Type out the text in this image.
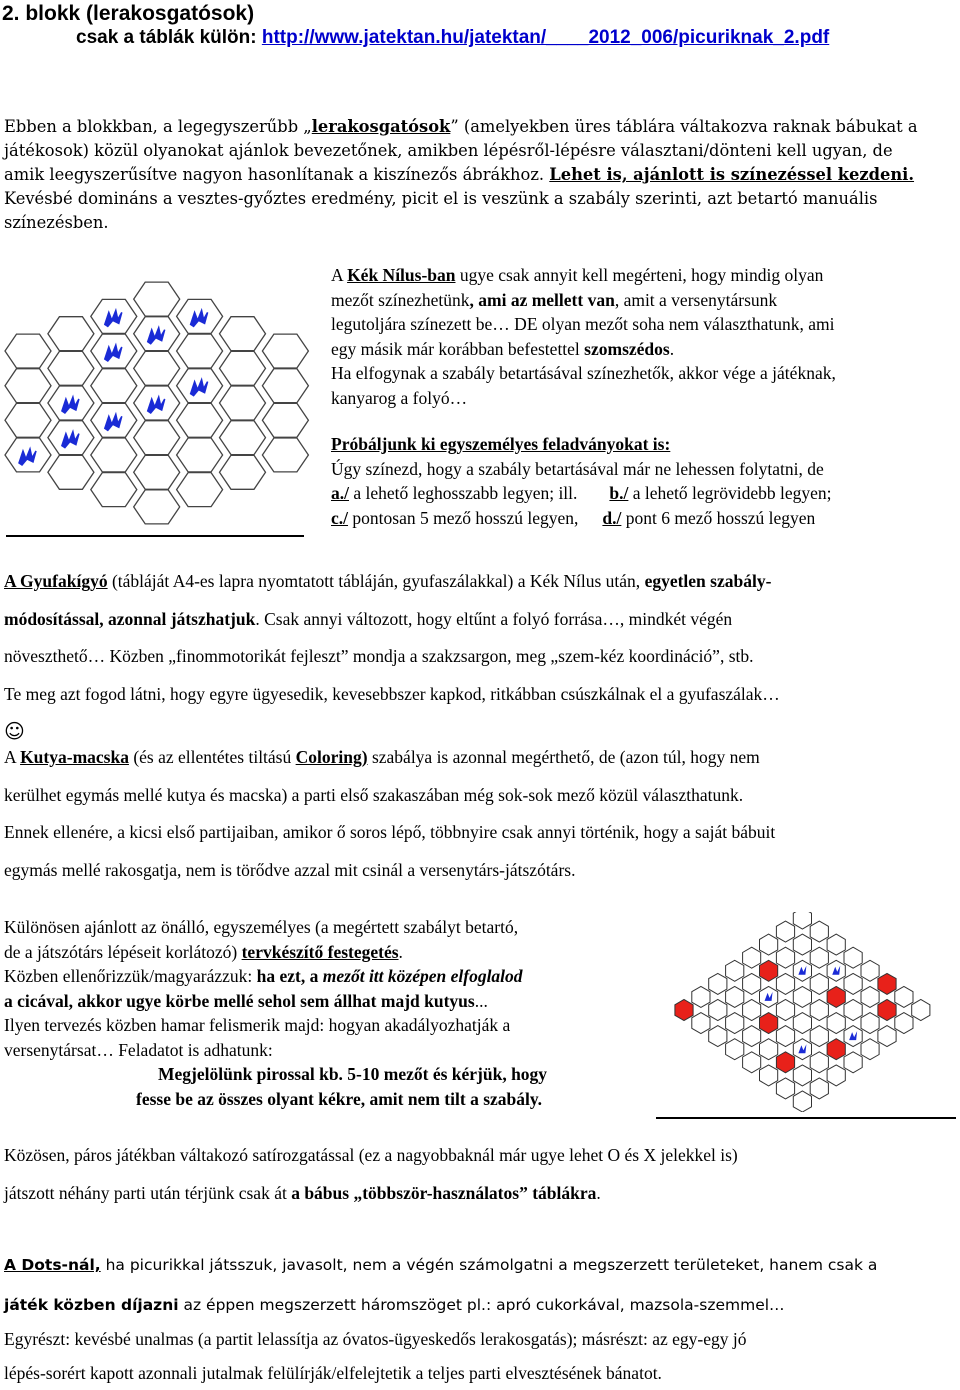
2. blokk (lerakosgatósok)
csak a táblák külön: http://www.jatektan.hu/jatektan/____2012_006/picuriknak_2.pdf

Ebben a blokkban, a legegyszerűbb „lerakosgatósok” (amelyekben üres táblára váltakozva raknak bábukat a

játékosok) közül olyanokat ajánlok bevezetőnek, amikben lépésről-lépésre választani/dönteni kell ugyan, de

amik leegyszerűsítve nagyon hasonlítanak a kiszínezős ábrákhoz. Lehet is, ajánlott is színezéssel kezdeni.

Kevésbé domináns a vesztes-győztes eredmény, picit el is veszünk a szabály szerinti, azt betartó manuális

színezésben.

A Kék Nílus-ban ugye csak annyit kell megérteni, hogy mindig olyan

mezőt színezhetünk, ami az mellett van, amit a versenytársunk

legutoljára színezett be… DE olyan mezőt soha nem választhatunk, ami

egy másik már korábban befestettel szomszédos.

Ha elfogynak a szabály betartásával színezhetők, akkor vége a játéknak,

kanyarog a folyó…

Próbáljunk ki egyszemélyes feladványokat is:

Úgy színezd, hogy a szabály betartásával már ne lehessen folytatni, de

a./ a lehető leghosszabb legyen; ill. b./ a lehető legrövidebb legyen;

c./ pontosan 5 mező hosszú legyen, d./ pont 6 mező hosszú legyen

A Gyufakígyó (tábláját A4-es lapra nyomtatott tábláján, gyufaszálakkal) a Kék Nílus után, egyetlen szabály-

módosítással, azonnal játszhatjuk. Csak annyi változott, hogy eltűnt a folyó forrása…, mindkét végén

növeszthető… Közben „finommotorikát fejleszt” mondja a szakzsargon, meg „szem-kéz koordináció”, stb.

Te meg azt fogod látni, hogy egyre ügyesedik, kevesebbszer kapkod, ritkábban csúszkálnak el a gyufaszálak…

☺

A Kutya-macska (és az ellentétes tiltású Coloring) szabálya is azonnal megérthető, de (azon túl, hogy nem

kerülhet egymás mellé kutya és macska) a parti első szakaszában még sok-sok mező közül választhatunk.

Ennek ellenére, a kicsi első partijaiban, amikor ő soros lépő, többnyire csak annyi történik, hogy a saját bábuit

egymás mellé rakosgatja, nem is törődve azzal mit csinál a versenytárs-játszótárs.

Különösen ajánlott az önálló, egyszemélyes (a megértett szabályt betartó,

de a játszótárs lépéseit korlátozó) tervkészítő festegetés.

Közben ellenőrizzük/magyarázzuk: ha ezt, a mezőt itt középen elfoglalod

a cicával, akkor ugye körbe mellé sehol sem állhat majd kutyus...

Ilyen tervezés közben hamar felismerik majd: hogyan akadályozhatják a

versenytársat… Feladatot is adhatunk:

Megjelölünk pirossal kb. 5-10 mezőt és kérjük, hogy

fesse be az összes olyant kékre, amit nem tilt a szabály.

Közösen, páros játékban váltakozó satírozgatással (ez a nagyobbaknál már ugye lehet O és X jelekkel is)

játszott néhány parti után térjünk csak át a bábus „többször-használatos” táblákra.

A Dots-nál, ha picurikkal játsszuk, javasolt, nem a végén számolgatni a megszerzett területeket, hanem csak a

játék közben díjazni az éppen megszerzett háromszöget pl.: apró cukorkával, mazsola-szemmel…

Egyrészt: kevésbé unalmas (a partit lelassítja az óvatos-ügyeskedős lerakosgatás); másrészt: az egy-egy jó

lépés-sorért kapott azonnali jutalmak felülírják/elfelejtetik a teljes parti elvesztésének bánatot.
